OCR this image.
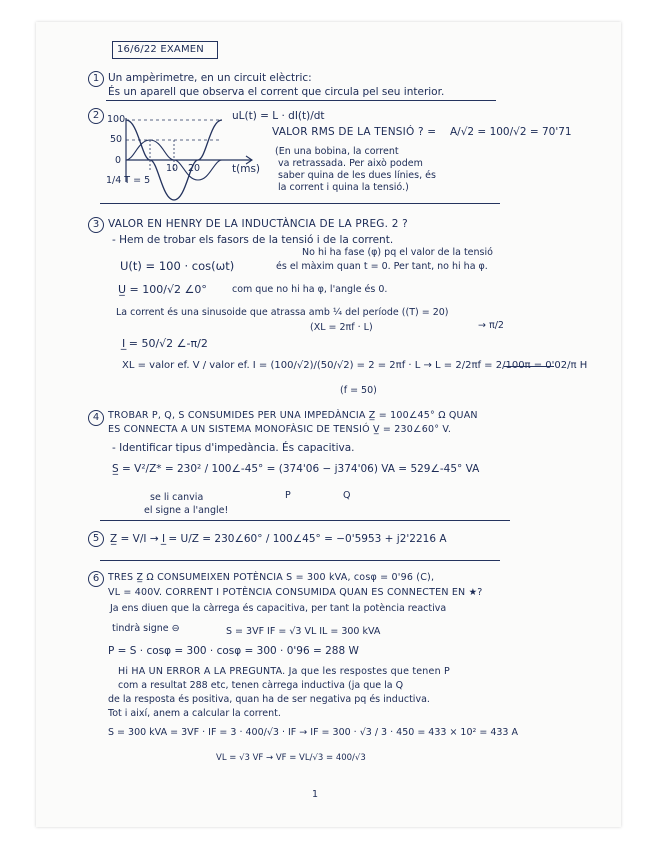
16/6/22 EXAMEN
1 Un ampèrimetre, en un circuit elèctric:
És un aparell que observa el corrent que circula pel seu interior.
2	uL(t) = L · dI(t)/dt
100
50
0
10 20	t(ms)
1/4 T = 5
VALOR RMS DE LA TENSIÓ ? = A/√2 = 100/√2 = 70'71
(En una bobina, la corrent
va retrassada. Per això podem
saber quina de les dues línies, és
la corrent i quina la tensió.)
3 VALOR EN HENRY DE LA INDUCTÀNCIA DE LA PREG. 2 ?
- Hem de trobar els fasors de la tensió i de la corrent.
No hi ha fase (φ) pq el valor de la tensió
U(t) = 100 · cos(ωt)	és el màxim quan t = 0. Per tant, no hi ha φ.
U̲ = 100/√2 ∠0°	com que no hi ha φ, l'angle és 0.
La corrent és una sinusoide que atrassa amb ¼ del període ((T) = 20)
(XL = 2πf · L)	→ π/2
I̲ = 50/√2 ∠-π/2
XL = valor ef. V / valor ef. I = (100/√2)/(50/√2) = 2 = 2πf · L → L = 2/2πf = 2/100π = 0'02/π H
(f = 50)
4 TROBAR P, Q, S CONSUMIDES PER UNA IMPEDÀNCIA Z̲ = 100∠45° Ω QUAN
ES CONNECTA A UN SISTEMA MONOFÀSIC DE TENSIÓ V̲ = 230∠60° V.
- Identificar tipus d'impedància. És capacitiva.
S̲ = V²/Z* = 230² / 100∠-45° = (374'06 − j374'06) VA = 529∠-45° VA
P	Q
se li canvia
el signe a l'angle!
5	Z̲ = V/I → I̲ = U/Z = 230∠60° / 100∠45° = −0'5953 + j2'2216 A
6 TRES Z̲ Ω CONSUMEIXEN POTÈNCIA S = 300 kVA, cosφ = 0'96 (C),
VL = 400V. CORRENT I POTÈNCIA CONSUMIDA QUAN ES CONNECTEN EN ★?
Ja ens diuen que la càrrega és capacitiva, per tant la potència reactiva
tindrà signe ⊖	S = 3VF IF = √3 VL IL = 300 kVA
P = S · cosφ = 300 · cosφ = 300 · 0'96 = 288 W
Hi HA UN ERROR A LA PREGUNTA. Ja que les respostes que tenen P
com a resultat 288 etc, tenen càrrega inductiva (ja que la Q
de la resposta és positiva, quan ha de ser negativa pq és inductiva.
Tot i així, anem a calcular la corrent.
S = 300 kVA = 3VF · IF = 3 · 400/√3 · IF → IF = 300 · √3 / 3 · 450 = 433 × 10² = 433 A
VL = √3 VF → VF = VL/√3 = 400/√3
1
